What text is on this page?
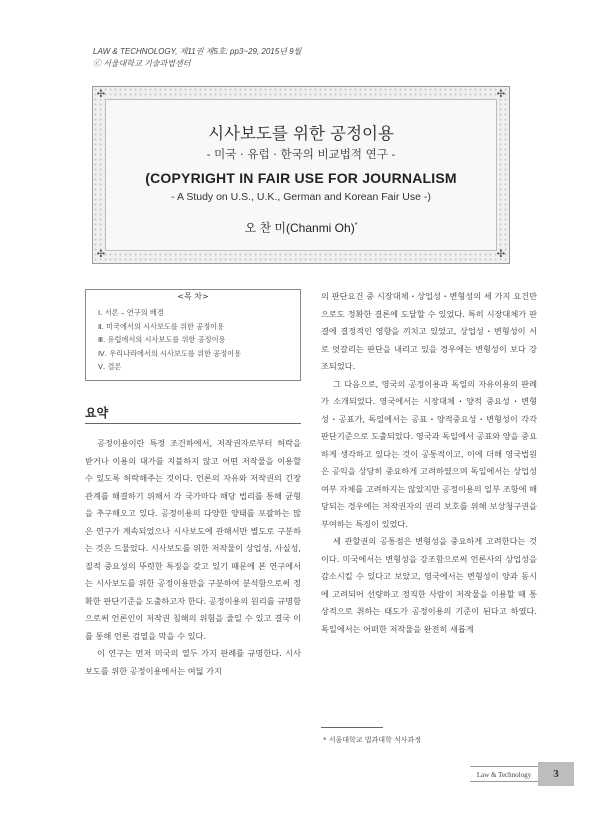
LAW & TECHNOLOGY, 제11권 제5호: pp3~29, 2015년 9월
ⓒ 서울대학교 기술과법센터
시사보도를 위한 공정이용
- 미국 · 유럽 · 한국의 비교법적 연구 -
(COPYRIGHT IN FAIR USE FOR JOURNALISM
- A Study on U.S., U.K., German and Korean Fair Use -)
오 찬 미(Chanmi Oh)*
✣	✣
✣	✣
<목 차>
Ⅰ. 서론 – 연구의 배경
Ⅱ. 미국에서의 시사보도를 위한 공정이용
Ⅲ. 유럽에서의 시사보도를 위한 공정이용
Ⅳ. 우리나라에서의 시사보도를 위한 공정이용
Ⅴ. 결론
요약

공정이용이란 특정 조건하에서, 저작권자로부터 허락을 받거나 이용의 대가를 지불하지 않고 어떤 저작물을 이용할 수 있도록 허락해주는 것이다. 언론의 자유와 저작권의 긴장관계를 해결하기 위해서 각 국가마다 해당 법리를 통해 균형을 추구해오고 있다. 공정이용의 다양한 양태를 포괄하는 많은 연구가 계속되었으나 시사보도에 관해서만 별도로 구분하는 것은 드물었다. 시사보도를 위한 저작물이 상업성, 사실성, 질적 중요성의 뚜렷한 특징을 갖고 있기 때문에 본 연구에서는 시사보도를 위한 공정이용만을 구분하여 분석함으로써 정확한 판단기준을 도출하고자 한다. 공정이용의 원리를 규명함으로써 언론인이 저작권 침해의 위험을 줄일 수 있고 결국 이를 통해 언론 검열을 막을 수 있다.

이 연구는 먼저 미국의 열두 가지 판례를 규명한다. 시사보도를 위한 공정이용에서는 여덟 가지

의 판단요건 중 시장대체・상업성・변형성의 세 가지 요건만으로도 정확한 결론에 도달할 수 있었다. 특히 시장대체가 판결에 결정적인 영향을 끼치고 있었고, 상업성・변형성이 서로 엇갈리는 판단을 내리고 있을 경우에는 변형성이 보다 강조되었다.

그 다음으로, 영국의 공정이용과 독일의 자유이용의 판례가 소개되었다. 영국에서는 시장대체・양적 중요성・변형성・공표가, 독일에서는 공표・양적중요성・변형성이 각각 판단기준으로 도출되었다. 영국과 독일에서 공표와 양을 중요하게 생각하고 있다는 것이 공통적이고, 이에 더해 영국법원은 공익을 상당히 중요하게 고려하였으며 독일에서는 상업성 여부 자체를 고려하지는 않았지만 공정이용의 일부 조항에 해당되는 경우에는 저작권자의 권리 보호를 위해 보상청구권을 부여하는 특징이 있었다.

세 관할권의 공통점은 변형성을 중요하게 고려한다는 것이다. 미국에서는 변형성을 강조함으로써 언론사의 상업성을 감소시킬 수 있다고 보았고, 영국에서는 변형성이 양과 동시에 고려되어 선량하고 정직한 사람이 저작물을 이용할 때 통상적으로 취하는 태도가 공정이용의 기준이 된다고 하였다. 독일에서는 어떠한 저작물을 완전히 새롭게

* 서울대학교 법과대학 석사과정
Law & Technology	3
